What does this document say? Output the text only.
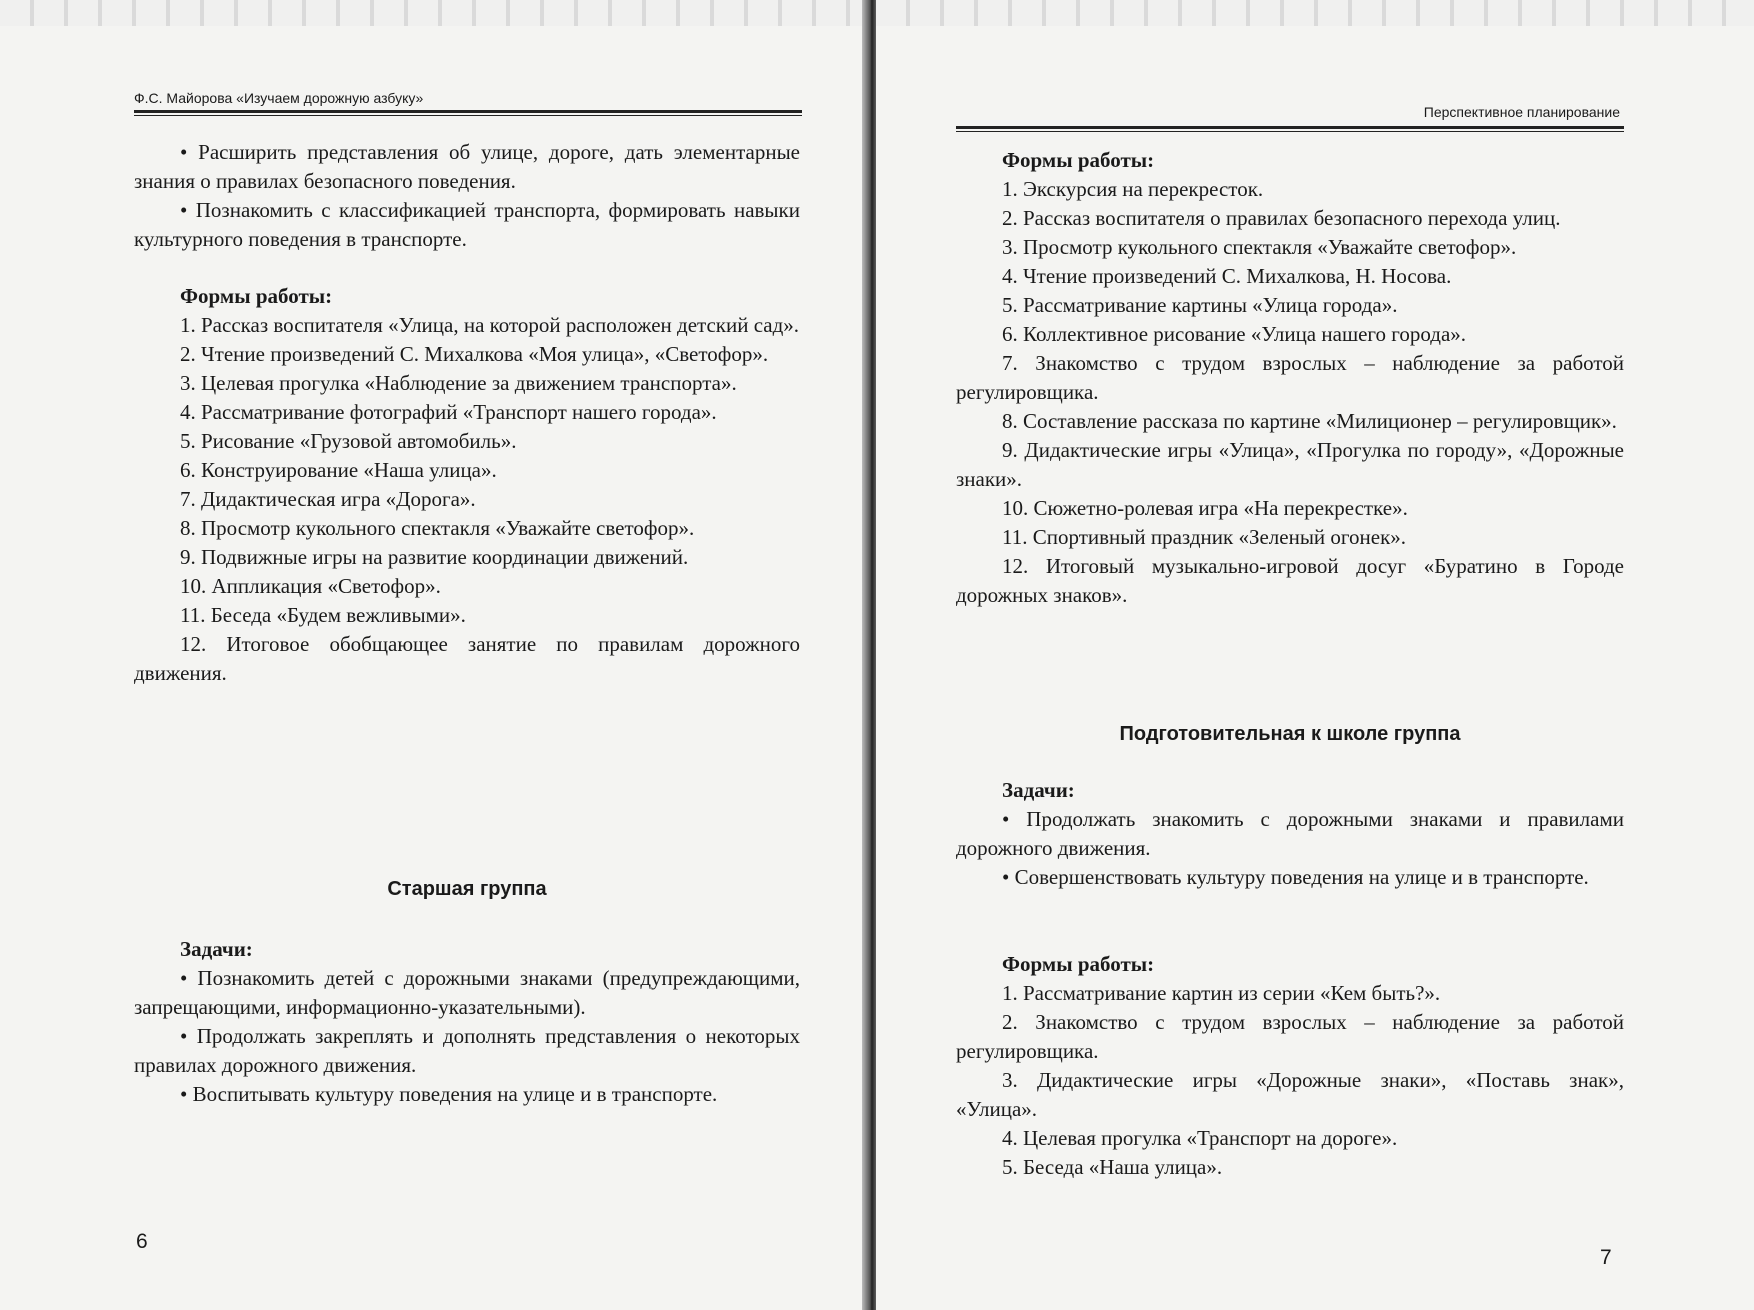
Ф.С. Майорова «Изучаем дорожную азбуку»

• Расширить представления об улице, дороге, дать элементарные знания о правилах безопасного поведения.

• Познакомить с классификацией транспорта, формировать навыки культурного поведения в транспорте.

Формы работы:

1. Рассказ воспитателя «Улица, на которой расположен детский сад».

2. Чтение произведений С. Михалкова «Моя улица», «Светофор».

3. Целевая прогулка «Наблюдение за движением транспорта».

4. Рассматривание фотографий «Транспорт нашего города».

5. Рисование «Грузовой автомобиль».

6. Конструирование «Наша улица».

7. Дидактическая игра «Дорога».

8. Просмотр кукольного спектакля «Уважайте светофор».

9. Подвижные игры на развитие координации движений.

10. Аппликация «Светофор».

11. Беседа «Будем вежливыми».

12. Итоговое обобщающее занятие по правилам дорожного движения.

Старшая группа
Задачи:

• Познакомить детей с дорожными знаками (предупреждающими, запрещающими, информационно-указательными).

• Продолжать закреплять и дополнять представления о некоторых правилах дорожного движения.

• Воспитывать культуру поведения на улице и в транспорте.

6
Перспективное планирование
Формы работы:

1. Экскурсия на перекресток.

2. Рассказ воспитателя о правилах безопасного перехода улиц.

3. Просмотр кукольного спектакля «Уважайте светофор».

4. Чтение произведений С. Михалкова, Н. Носова.

5. Рассматривание картины «Улица города».

6. Коллективное рисование «Улица нашего города».

7. Знакомство с трудом взрослых – наблюдение за работой регулировщика.

8. Составление рассказа по картине «Милиционер – регулировщик».

9. Дидактические игры «Улица», «Прогулка по городу», «Дорожные знаки».

10. Сюжетно-ролевая игра «На перекрестке».

11. Спортивный праздник «Зеленый огонек».

12. Итоговый музыкально-игровой досуг «Буратино в Городе дорожных знаков».

Подготовительная к школе группа
Задачи:

• Продолжать знакомить с дорожными знаками и правилами дорожного движения.

• Совершенствовать культуру поведения на улице и в транспорте.

Формы работы:

1. Рассматривание картин из серии «Кем быть?».

2. Знакомство с трудом взрослых – наблюдение за работой регулировщика.

3. Дидактические игры «Дорожные знаки», «Поставь знак», «Улица».

4. Целевая прогулка «Транспорт на дороге».

5. Беседа «Наша улица».

7
